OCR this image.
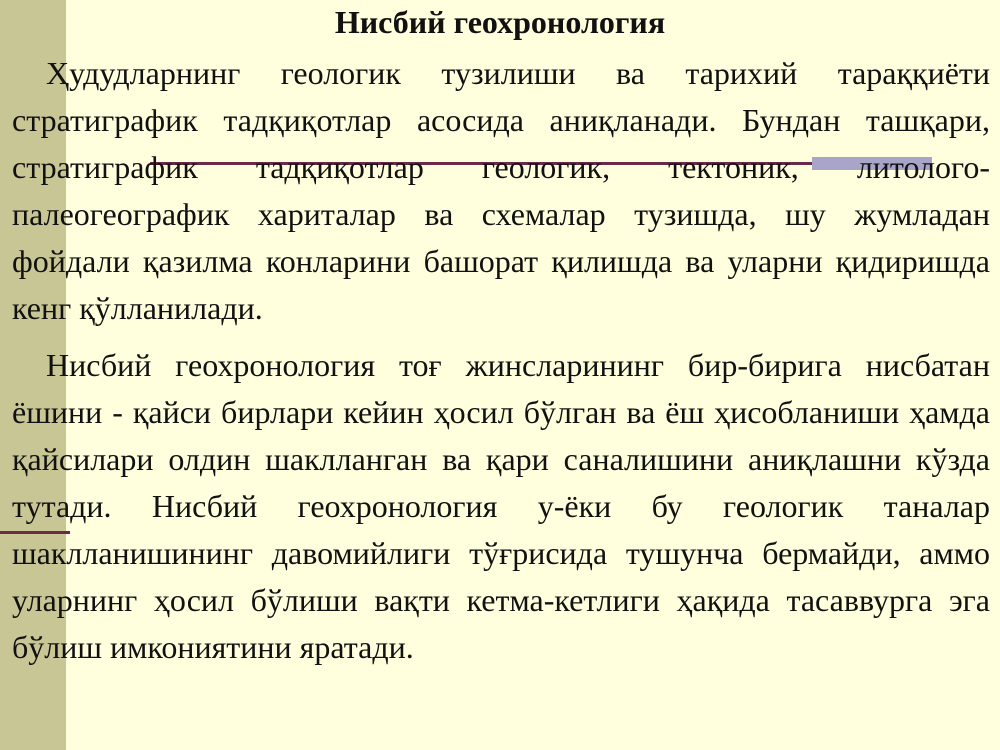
Нисбий геохронология

Ҳудудларнинг геологик тузилиши ва тарихий тараққиёти стратиграфик тадқиқотлар асосида аниқланади. Бундан ташқари, стратиграфик тадқиқотлар геологик, тектоник, литолого-палеогеографик хариталар ва схемалар тузишда, шу жумладан фойдали қазилма конларини башорат қилишда ва уларни қидиришда кенг қўлланилади.

Нисбий геохронология тоғ жинсларининг бир-бирига нисбатан ёшини - қайси бирлари кейин ҳосил бўлган ва ёш ҳисобланиши ҳамда қайсилари олдин шаклланган ва қари саналишини аниқлашни кўзда тутади. Нисбий геохронология у-ёки бу геологик таналар шаклланишининг давомийлиги тўғрисида тушунча бермайди, аммо уларнинг ҳосил бўлиши вақти кетма-кетлиги ҳақида тасаввурга эга бўлиш имкониятини яратади.
